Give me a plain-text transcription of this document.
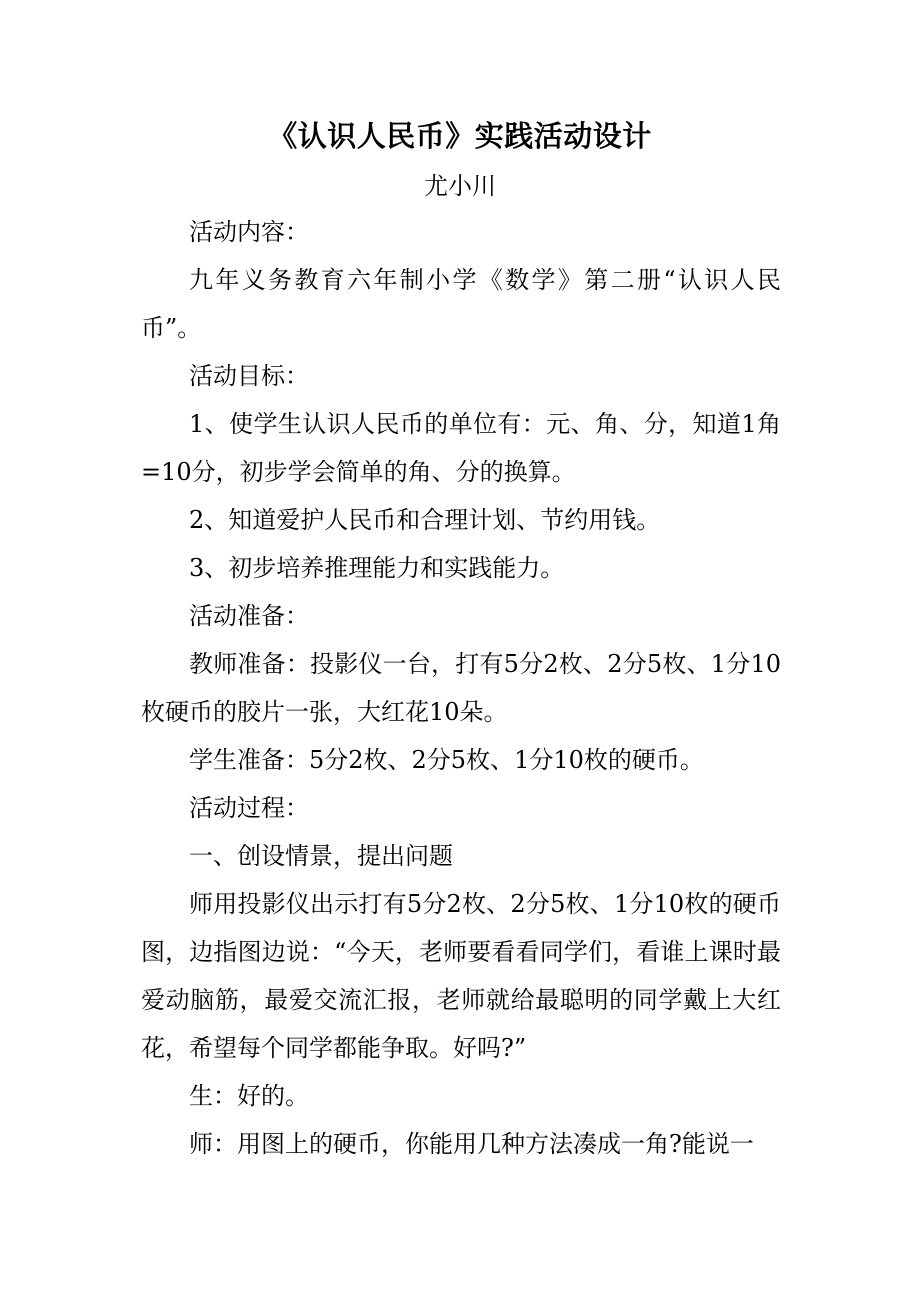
《认识人民币》实践活动设计
尤小川

活动内容：

九年义务教育六年制小学《数学》第二册“认识人民币”。

活动目标：

1、使学生认识人民币的单位有：元、角、分，知道1角=10分，初步学会简单的角、分的换算。

2、知道爱护人民币和合理计划、节约用钱。

3、初步培养推理能力和实践能力。

活动准备：

教师准备：投影仪一台，打有5分2枚、2分5枚、1分10枚硬币的胶片一张，大红花10朵。

学生准备：5分2枚、2分5枚、1分10枚的硬币。

活动过程：

一、创设情景，提出问题

师用投影仪出示打有5分2枚、2分5枚、1分10枚的硬币图，边指图边说：“今天，老师要看看同学们，看谁上课时最爱动脑筋，最爱交流汇报，老师就给最聪明的同学戴上大红花，希望每个同学都能争取。好吗?”

生：好的。

师：用图上的硬币，你能用几种方法凑成一角?能说一
